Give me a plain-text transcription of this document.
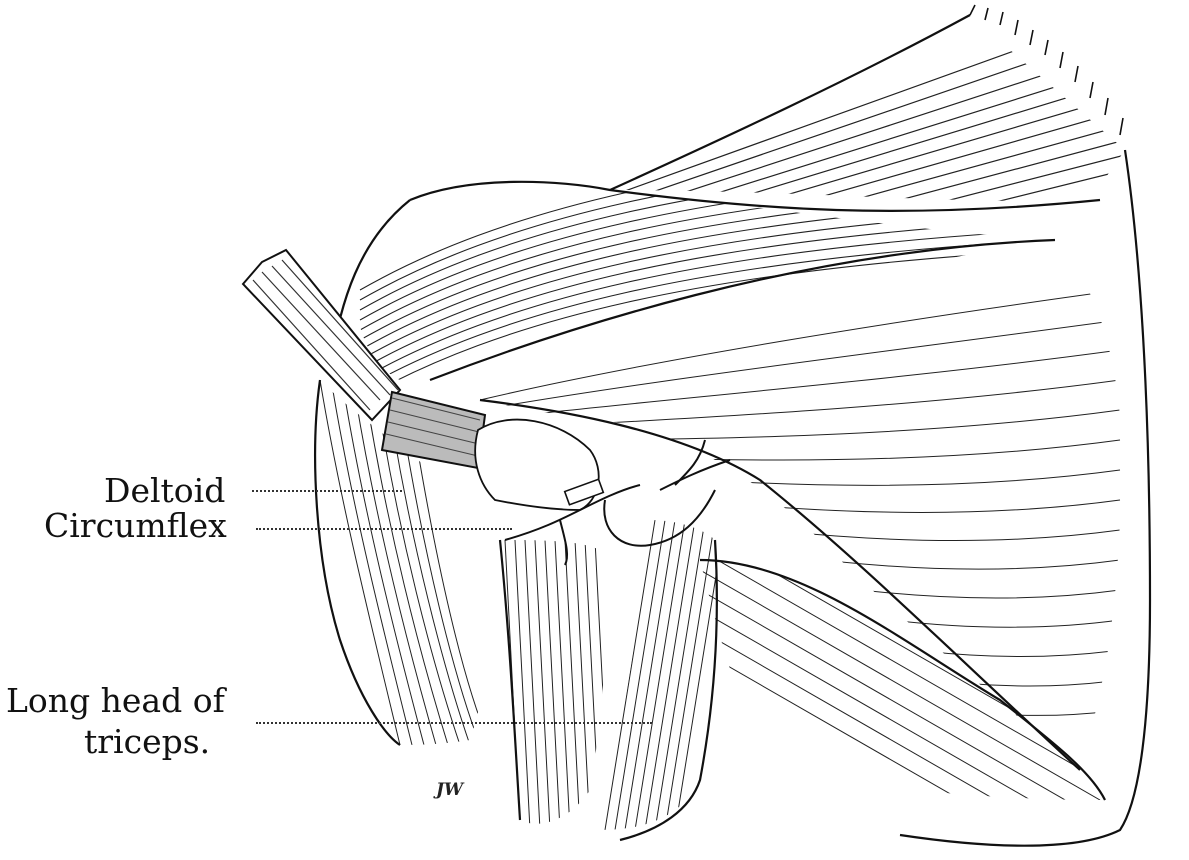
Deltoid
Circumflex
Long head of
triceps.
JW
